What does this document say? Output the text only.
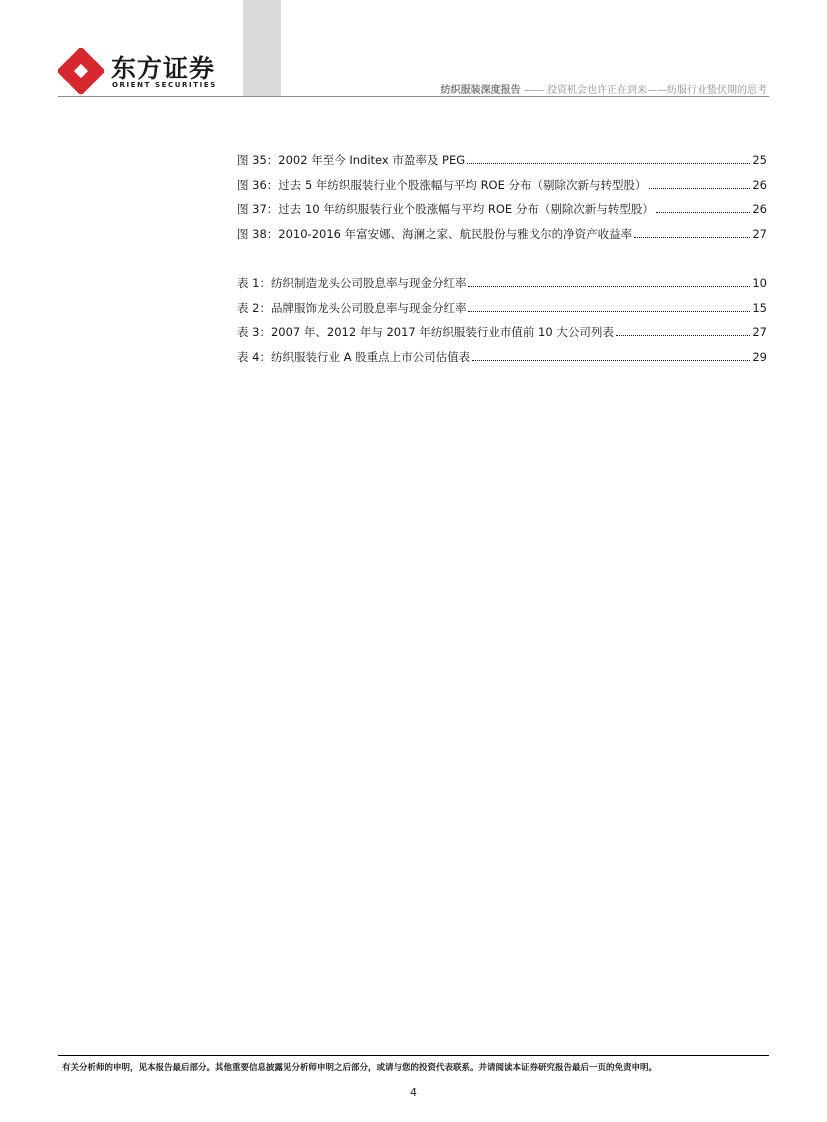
东方证券
ORIENT SECURITIES	纺织服装深度报告 —— 投资机会也许正在到来——纺服行业蛰伏期的思考
图 35：2002 年至今 Inditex 市盈率及 PEG	25
图 36：过去 5 年纺织服装行业个股涨幅与平均 ROE 分布（剔除次新与转型股）	26
图 37：过去 10 年纺织服装行业个股涨幅与平均 ROE 分布（剔除次新与转型股）	26
图 38：2010-2016 年富安娜、海澜之家、航民股份与雅戈尔的净资产收益率	27
表 1：纺织制造龙头公司股息率与现金分红率	10
表 2：品牌服饰龙头公司股息率与现金分红率	15
表 3：2007 年、2012 年与 2017 年纺织服装行业市值前 10 大公司列表	27
表 4：纺织服装行业 A 股重点上市公司估值表	29
有关分析师的申明，见本报告最后部分。其他重要信息披露见分析师申明之后部分，或请与您的投资代表联系。并请阅读本证券研究报告最后一页的免责申明。
4
